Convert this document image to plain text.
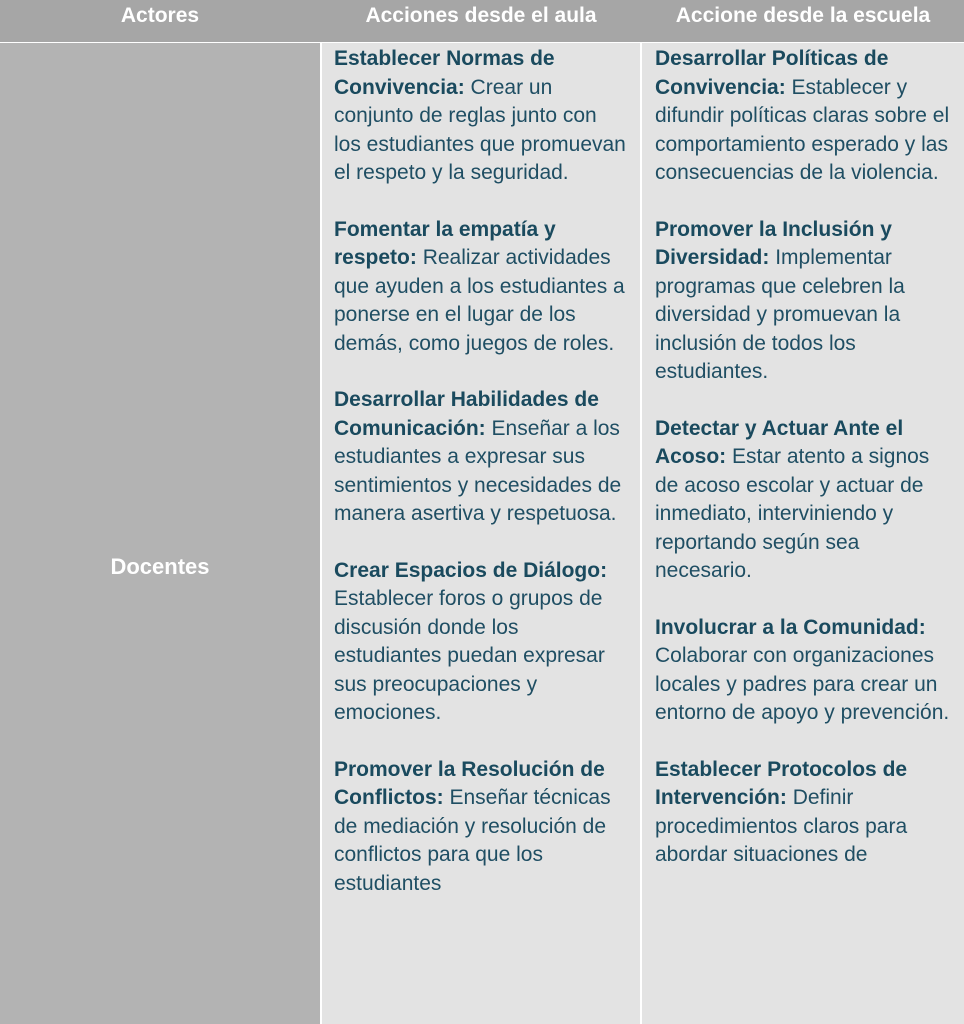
Actores	Acciones desde el aula	Accione desde la escuela
Docentes

Establecer Normas de Convivencia: Crear un conjunto de reglas junto con los estudiantes que promuevan el respeto y la seguridad.

Fomentar la empatía y respeto: Realizar actividades que ayuden a los estudiantes a ponerse en el lugar de los demás, como juegos de roles.

Desarrollar Habilidades de Comunicación: Enseñar a los estudiantes a expresar sus sentimientos y necesidades de manera asertiva y respetuosa.

Crear Espacios de Diálogo: Establecer foros o grupos de discusión donde los estudiantes puedan expresar sus preocupaciones y emociones.

Promover la Resolución de Conflictos: Enseñar técnicas de mediación y resolución de conflictos para que los estudiantes

Desarrollar Políticas de Convivencia: Establecer y difundir políticas claras sobre el comportamiento esperado y las consecuencias de la violencia.

Promover la Inclusión y Diversidad: Implementar programas que celebren la diversidad y promuevan la inclusión de todos los estudiantes.

Detectar y Actuar Ante el Acoso: Estar atento a signos de acoso escolar y actuar de inmediato, interviniendo y reportando según sea necesario.

Involucrar a la Comunidad: Colaborar con organizaciones locales y padres para crear un entorno de apoyo y prevención.

Establecer Protocolos de Intervención: Definir procedimientos claros para abordar situaciones de
